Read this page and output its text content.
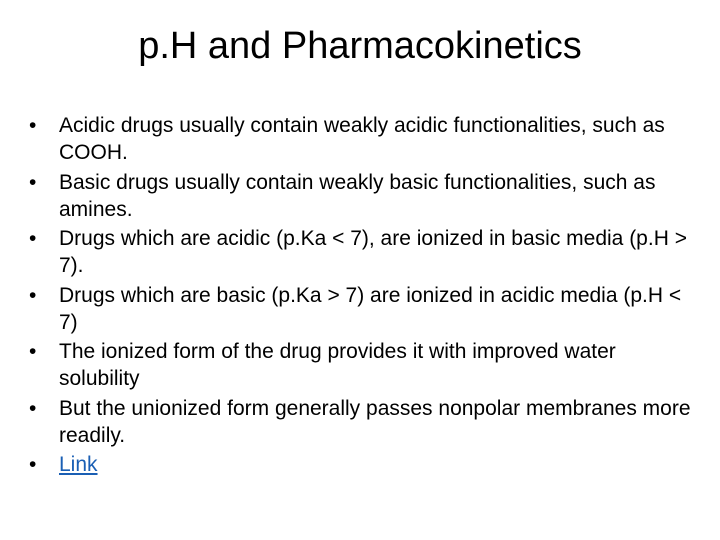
p.H and Pharmacokinetics
•	Acidic drugs usually contain weakly acidic functionalities, such as COOH.
•	Basic drugs usually contain weakly basic functionalities, such as amines.
•	Drugs which are acidic (p.Ka < 7), are ionized in basic media (p.H > 7).
•	Drugs which are basic (p.Ka > 7) are ionized in acidic media (p.H < 7)
•	The ionized form of the drug provides it with improved water solubility
•	But the unionized form generally passes nonpolar membranes more readily.
•	Link
